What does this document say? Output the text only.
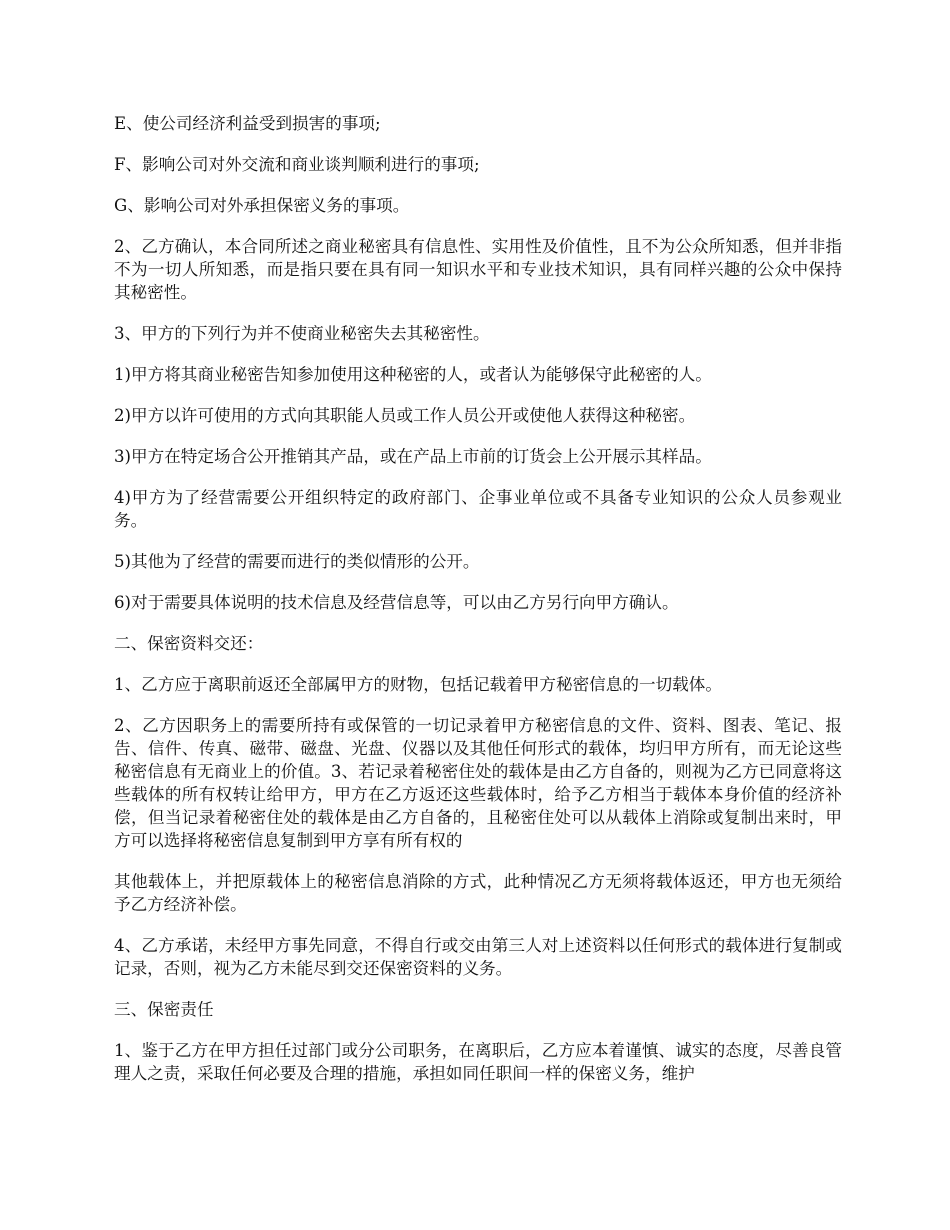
E、使公司经济利益受到损害的事项;

F、影响公司对外交流和商业谈判顺利进行的事项;

G、影响公司对外承担保密义务的事项。

2、乙方确认，本合同所述之商业秘密具有信息性、实用性及价值性，且不为公众所知悉，但并非指不为一切人所知悉，而是指只要在具有同一知识水平和专业技术知识，具有同样兴趣的公众中保持其秘密性。

3、甲方的下列行为并不使商业秘密失去其秘密性。

1)甲方将其商业秘密告知参加使用这种秘密的人，或者认为能够保守此秘密的人。

2)甲方以许可使用的方式向其职能人员或工作人员公开或使他人获得这种秘密。

3)甲方在特定场合公开推销其产品，或在产品上市前的订货会上公开展示其样品。

4)甲方为了经营需要公开组织特定的政府部门、企事业单位或不具备专业知识的公众人员参观业务。

5)其他为了经营的需要而进行的类似情形的公开。

6)对于需要具体说明的技术信息及经营信息等，可以由乙方另行向甲方确认。

二、保密资料交还：

1、乙方应于离职前返还全部属甲方的财物，包括记载着甲方秘密信息的一切载体。

2、乙方因职务上的需要所持有或保管的一切记录着甲方秘密信息的文件、资料、图表、笔记、报告、信件、传真、磁带、磁盘、光盘、仪器以及其他任何形式的载体，均归甲方所有，而无论这些秘密信息有无商业上的价值。3、若记录着秘密住处的载体是由乙方自备的，则视为乙方已同意将这些载体的所有权转让给甲方，甲方在乙方返还这些载体时，给予乙方相当于载体本身价值的经济补偿，但当记录着秘密住处的载体是由乙方自备的，且秘密住处可以从载体上消除或复制出来时，甲方可以选择将秘密信息复制到甲方享有所有权的

其他载体上，并把原载体上的秘密信息消除的方式，此种情况乙方无须将载体返还，甲方也无须给予乙方经济补偿。

4、乙方承诺，未经甲方事先同意，不得自行或交由第三人对上述资料以任何形式的载体进行复制或记录，否则，视为乙方未能尽到交还保密资料的义务。

三、保密责任

1、鉴于乙方在甲方担任过部门或分公司职务，在离职后，乙方应本着谨慎、诚实的态度，尽善良管理人之责，采取任何必要及合理的措施，承担如同任职间一样的保密义务，维护
